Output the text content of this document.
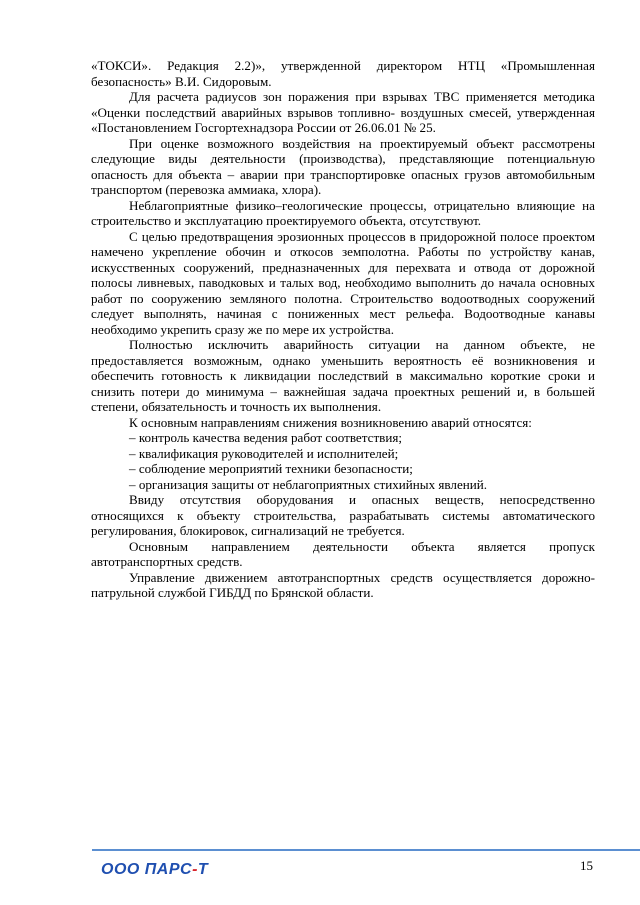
«ТОКСИ». Редакция 2.2)», утвержденной директором НТЦ «Промышленная безопасность» В.И. Сидоровым.

Для расчета радиусов зон поражения при взрывах ТВС применяется методика «Оценки последствий аварийных взрывов топливно- воздушных смесей, утвержденная «Постановлением Госгортехнадзора России от 26.06.01 № 25.

При оценке возможного воздействия на проектируемый объект рассмотрены следующие виды деятельности (производства), представляющие потенциальную опасность для объекта – аварии при транспортировке опасных грузов автомобильным транспортом (перевозка аммиака, хлора).

Неблагоприятные физико–геологические процессы, отрицательно влияющие на строительство и эксплуатацию проектируемого объекта, отсутствуют.

С целью предотвращения эрозионных процессов в придорожной полосе проектом намечено укрепление обочин и откосов земполотна. Работы по устройству канав, искусственных сооружений, предназначенных для перехвата и отвода от дорожной полосы ливневых, паводковых и талых вод, необходимо выполнить до начала основных работ по сооружению земляного полотна. Строительство водоотводных сооружений следует выполнять, начиная с пониженных мест рельефа. Водоотводные канавы необходимо укрепить сразу же по мере их устройства.

Полностью исключить аварийность ситуации на данном объекте, не предоставляется возможным, однако уменьшить вероятность её возникновения и обеспечить готовность к ликвидации последствий в максимально короткие сроки и снизить потери до минимума – важнейшая задача проектных решений и, в большей степени, обязательность и точность их выполнения.

К основным направлениям снижения возникновению аварий относятся:

– контроль качества ведения работ соответствия;

– квалификация руководителей и исполнителей;

– соблюдение мероприятий техники безопасности;

– организация защиты от неблагоприятных стихийных явлений.

Ввиду отсутствия оборудования и опасных веществ, непосредственно относящихся к объекту строительства, разрабатывать системы автоматического регулирования, блокировок, сигнализаций не требуется.

Основным направлением деятельности объекта является пропуск автотранспортных средств.

Управление движением автотранспортных средств осуществляется дорожно-патрульной службой ГИБДД по Брянской области.

ООО ПАРС-Т	15
